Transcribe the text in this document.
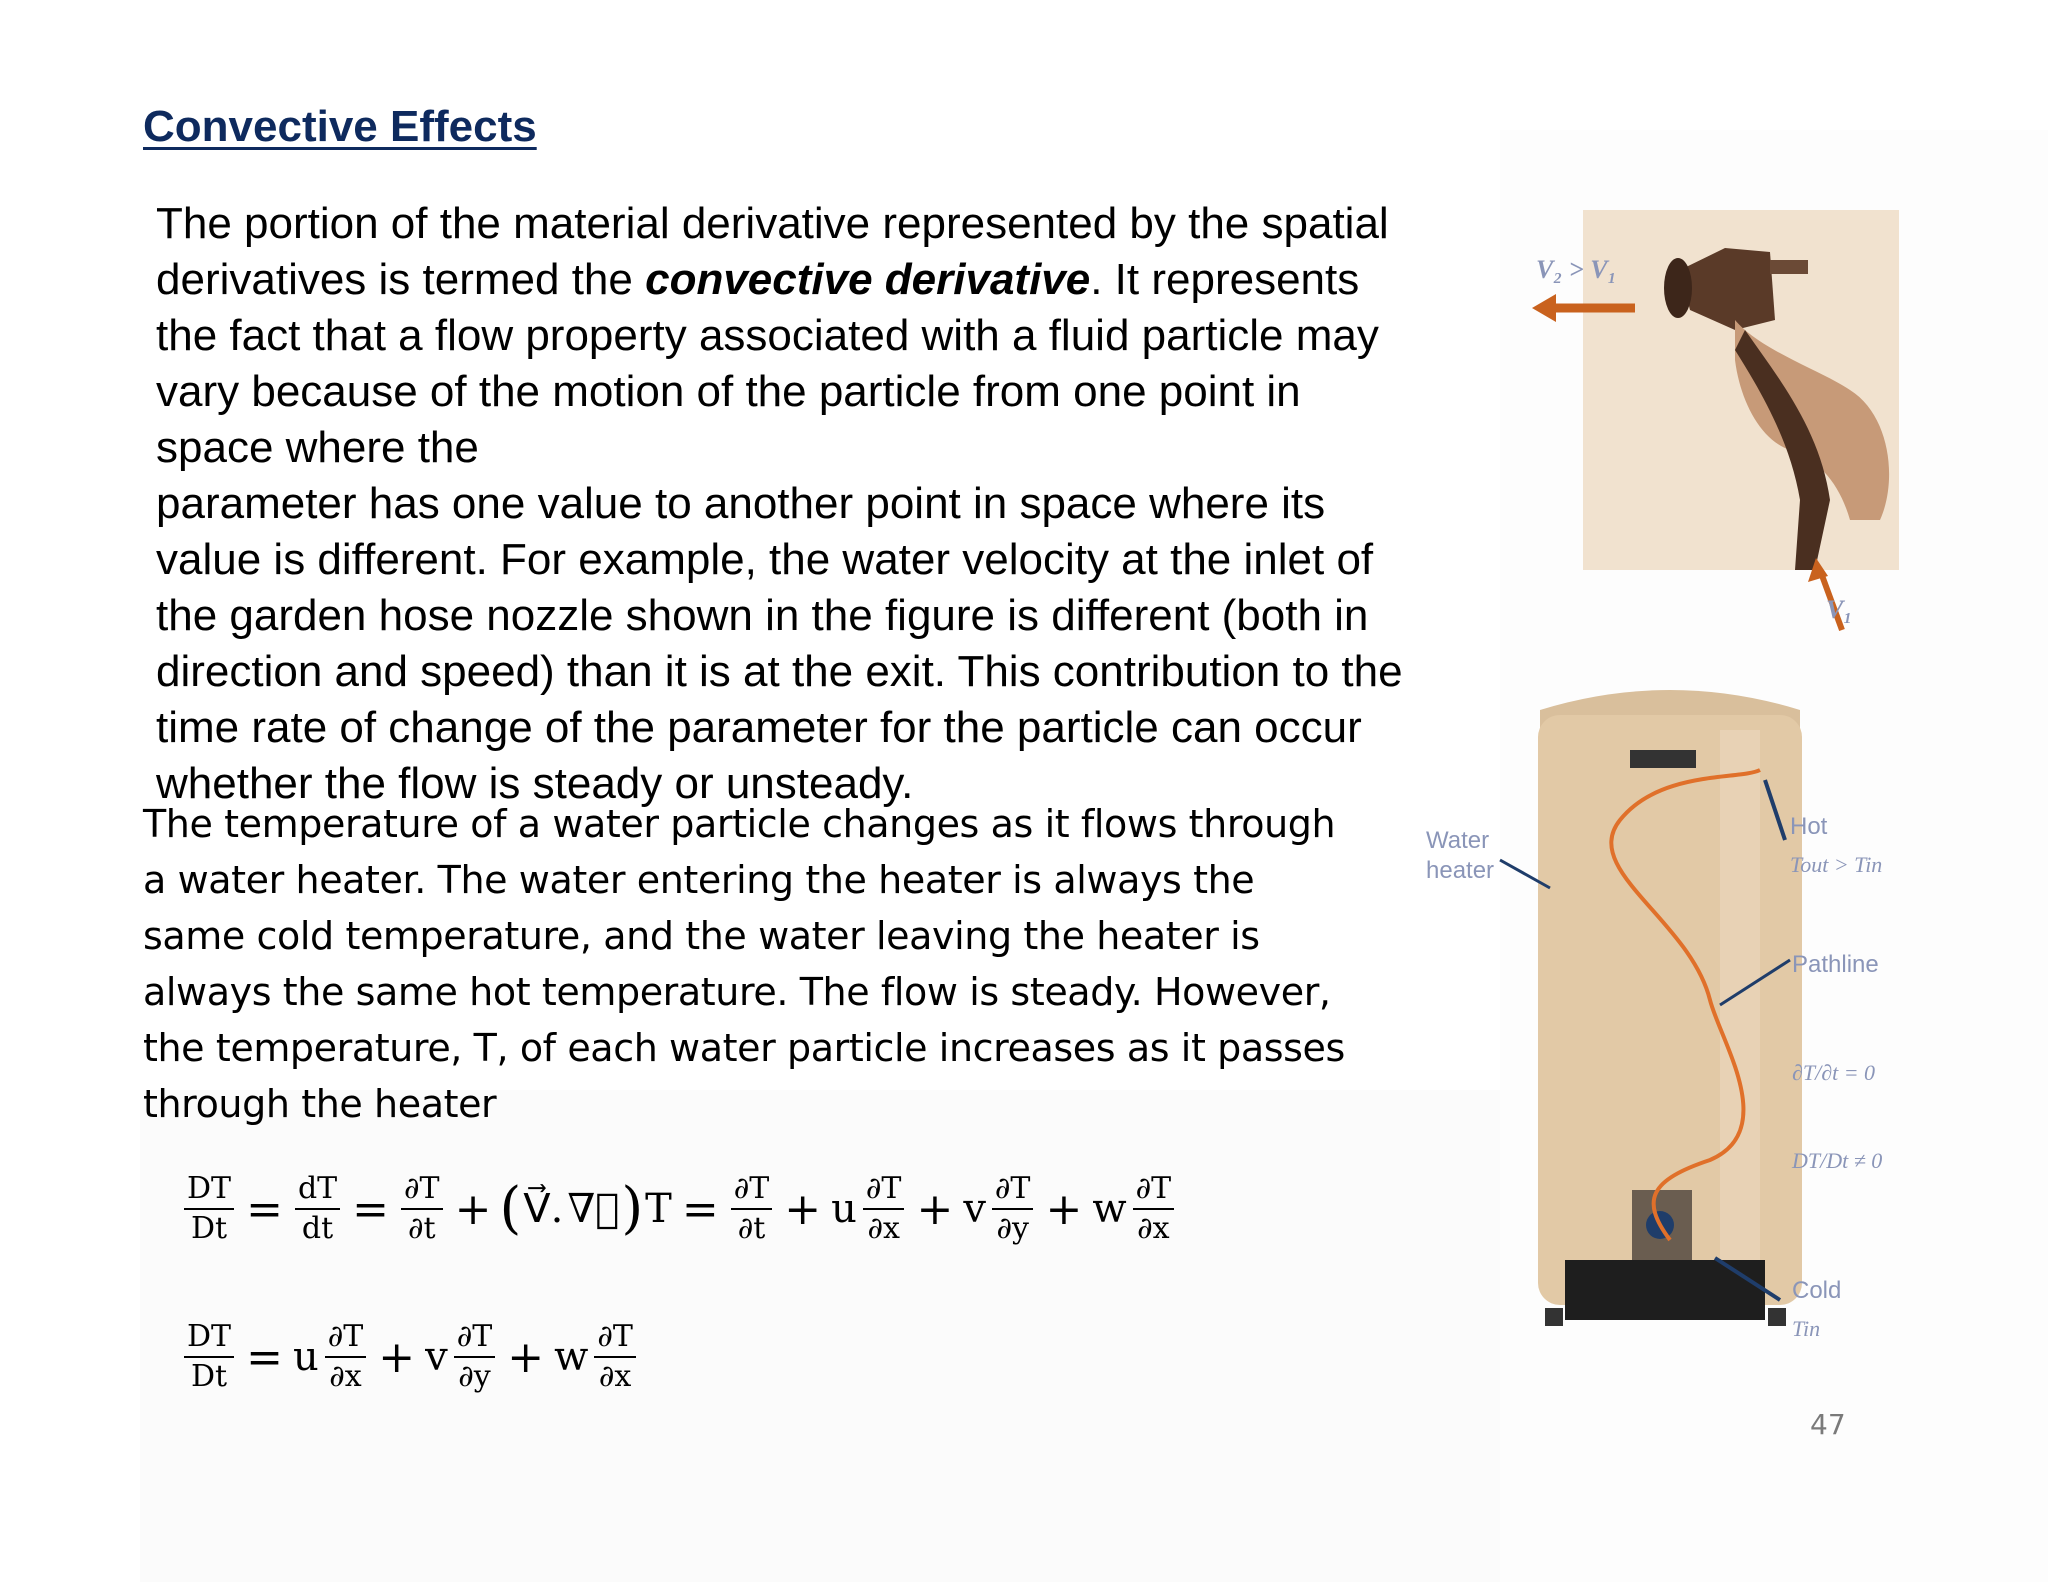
Convective Effects
The portion of the material derivative represented by the spatial
derivatives is termed the convective derivative. It represents
the fact that a flow property associated with a fluid particle may
vary because of the motion of the particle from one point in
space where the
parameter has one value to another point in space where its
value is different. For example, the water velocity at the inlet of
the garden hose nozzle shown in the figure is different (both in
direction and speed) than it is at the exit. This contribution to the
time rate of change of the parameter for the particle can occur
whether the flow is steady or unsteady.
The temperature of a water particle changes as it flows through
a water heater. The water entering the heater is always the
same cold temperature, and the water leaving the heater is
always the same hot temperature. The flow is steady. However,
the temperature, T, of each water particle increases as it passes
through the heater
$\frac{DT}{Dt} = \frac{dT}{dt} = \frac{\partial T}{\partial t}$ + ( V⃗. ∇⃗ ) $T = \frac{\partial T}{\partial t} + u \frac{\partial T}{\partial x} + v \frac{\partial T}{\partial y} + w \frac{\partial T}{\partial x}$
$\frac{DT}{Dt} = u \frac{\partial T}{\partial x} + v \frac{\partial T}{\partial y} + w \frac{\partial T}{\partial x}$
V₂ > V₁
V₁
Water
heater
Hot
Tout > Tin
Pathline
∂T/∂t = 0
DT/Dt ≠ 0
Cold
Tin
47
